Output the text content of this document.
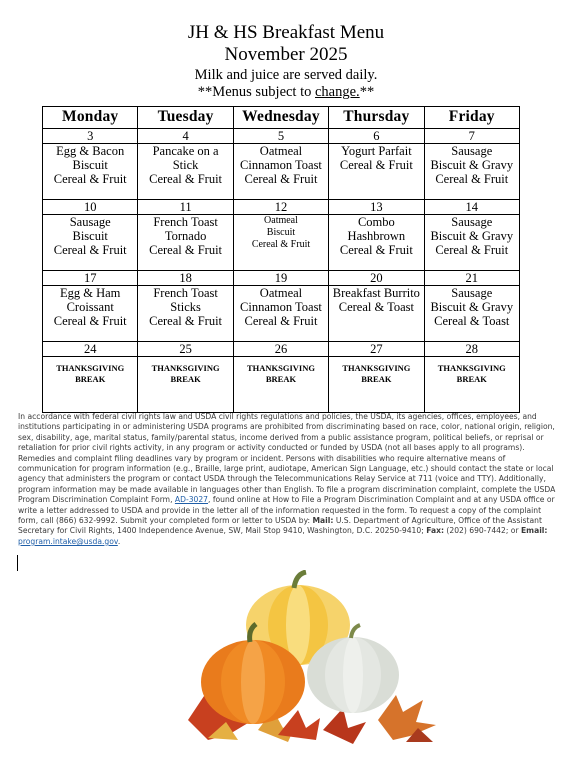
JH & HS Breakfast Menu
November 2025
Milk and juice are served daily.
**Menus subject to change.**
Monday	Tuesday	Wednesday	Thursday	Friday
3	4	5	6	7

Egg & Bacon
Biscuit
Cereal & Fruit	Pancake on a
Stick
Cereal & Fruit	Oatmeal
Cinnamon Toast
Cereal & Fruit	Yogurt Parfait
Cereal & Fruit	Sausage
Biscuit & Gravy
Cereal & Fruit

10	11	12	13	14

Sausage
Biscuit
Cereal & Fruit	French Toast
Tornado
Cereal & Fruit	Oatmeal
Biscuit
Cereal & Fruit	Combo
Hashbrown
Cereal & Fruit	Sausage
Biscuit & Gravy
Cereal & Fruit

17	18	19	20	21

Egg & Ham
Croissant
Cereal & Fruit	French Toast
Sticks
Cereal & Fruit	Oatmeal
Cinnamon Toast
Cereal & Fruit	Breakfast Burrito
Cereal & Toast	Sausage
Biscuit & Gravy
Cereal & Toast

24	25	26	27	28

THANKSGIVING
BREAK	THANKSGIVING
BREAK	THANKSGIVING
BREAK	THANKSGIVING
BREAK	THANKSGIVING
BREAK
In accordance with federal civil rights law and USDA civil rights regulations and policies, the USDA, its agencies, offices, employees, and institutions participating in or administering USDA programs are prohibited from discriminating based on race, color, national origin, religion, sex, disability, age, marital status, family/parental status, income derived from a public assistance program, political beliefs, or reprisal or retaliation for prior civil rights activity, in any program or activity conducted or funded by USDA (not all bases apply to all programs). Remedies and complaint filing deadlines vary by program or incident. Persons with disabilities who require alternative means of communication for program information (e.g., Braille, large print, audiotape, American Sign Language, etc.) should contact the state or local agency that administers the program or contact USDA through the Telecommunications Relay Service at 711 (voice and TTY). Additionally, program information may be made available in languages other than English. To file a program discrimination complaint, complete the USDA Program Discrimination Complaint Form, AD-3027, found online at How to File a Program Discrimination Complaint and at any USDA office or write a letter addressed to USDA and provide in the letter all of the information requested in the form. To request a copy of the complaint form, call (866) 632-9992. Submit your completed form or letter to USDA by: Mail: U.S. Department of Agriculture, Office of the Assistant Secretary for Civil Rights, 1400 Independence Avenue, SW, Mail Stop 9410, Washington, D.C. 20250-9410; Fax: (202) 690-7442; or Email: program.intake@usda.gov.
